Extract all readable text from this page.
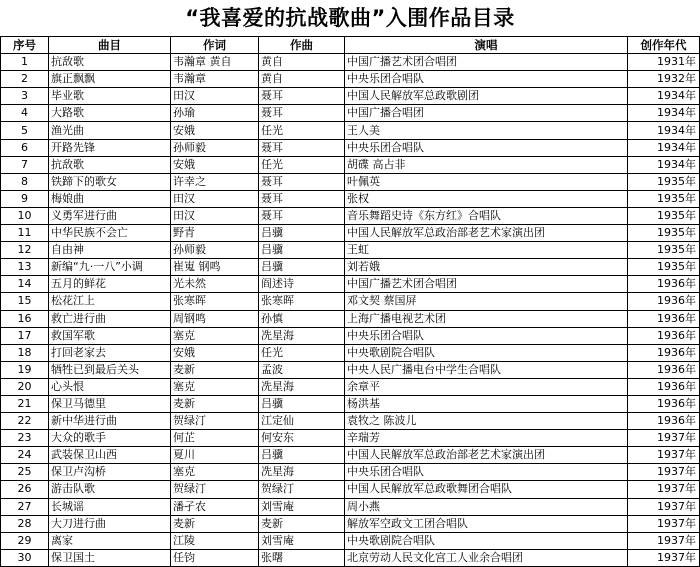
“我喜爱的抗战歌曲”入围作品目录
序号	曲目	作词	作曲	演唱	创作年代
1	抗敌歌	韦瀚章 黄自	黄自	中国广播艺术团合唱团	1931年
2	旗正飘飘	韦瀚章	黄自	中央乐团合唱队	1932年
3	毕业歌	田汉	聂耳	中国人民解放军总政歌剧团	1934年
4	大路歌	孙瑜	聂耳	中国广播合唱团	1934年
5	渔光曲	安娥	任光	王人美	1934年
6	开路先锋	孙师毅	聂耳	中央乐团合唱队	1934年
7	抗敌歌	安娥	任光	胡碟 高占非	1934年
8	铁蹄下的歌女	许幸之	聂耳	叶佩英	1935年
9	梅娘曲	田汉	聂耳	张权	1935年
10	义勇军进行曲	田汉	聂耳	音乐舞蹈史诗《东方红》合唱队	1935年
11	中华民族不会亡	野青	吕骥	中国人民解放军总政治部老艺术家演出团	1935年
12	自由神	孙师毅	吕骥	王虹	1935年
13	新编“九·一八”小调	崔嵬 钢鸣	吕骥	刘若娥	1935年
14	五月的鲜花	光未然	阎述诗	中国广播艺术团合唱团	1936年
15	松花江上	张寒晖	张寒晖	邓文契 蔡国屏	1936年
16	救亡进行曲	周钢鸣	孙慎	上海广播电视艺术团	1936年
17	救国军歌	塞克	冼星海	中央乐团合唱队	1936年
18	打回老家去	安娥	任光	中央歌剧院合唱队	1936年
19	牺牲已到最后关头	麦新	孟波	中央人民广播电台中学生合唱队	1936年
20	心头恨	塞克	冼星海	余章平	1936年
21	保卫马德里	麦新	吕骥	杨洪基	1936年
22	新中华进行曲	贺绿汀	江定仙	袁牧之 陈波儿	1936年
23	大众的歌手	何芷	何安东	辛瑞芳	1937年
24	武装保卫山西	夏川	吕骥	中国人民解放军总政治部老艺术家演出团	1937年
25	保卫卢沟桥	塞克	冼星海	中央乐团合唱队	1937年
26	游击队歌	贺绿汀	贺绿汀	中国人民解放军总政歌舞团合唱队	1937年
27	长城谣	潘孑农	刘雪庵	周小燕	1937年
28	大刀进行曲	麦新	麦新	解放军空政文工团合唱队	1937年
29	离家	江陵	刘雪庵	中央歌剧院合唱队	1937年
30	保卫国土	任钧	张曙	北京劳动人民文化宫工人业余合唱团	1937年
